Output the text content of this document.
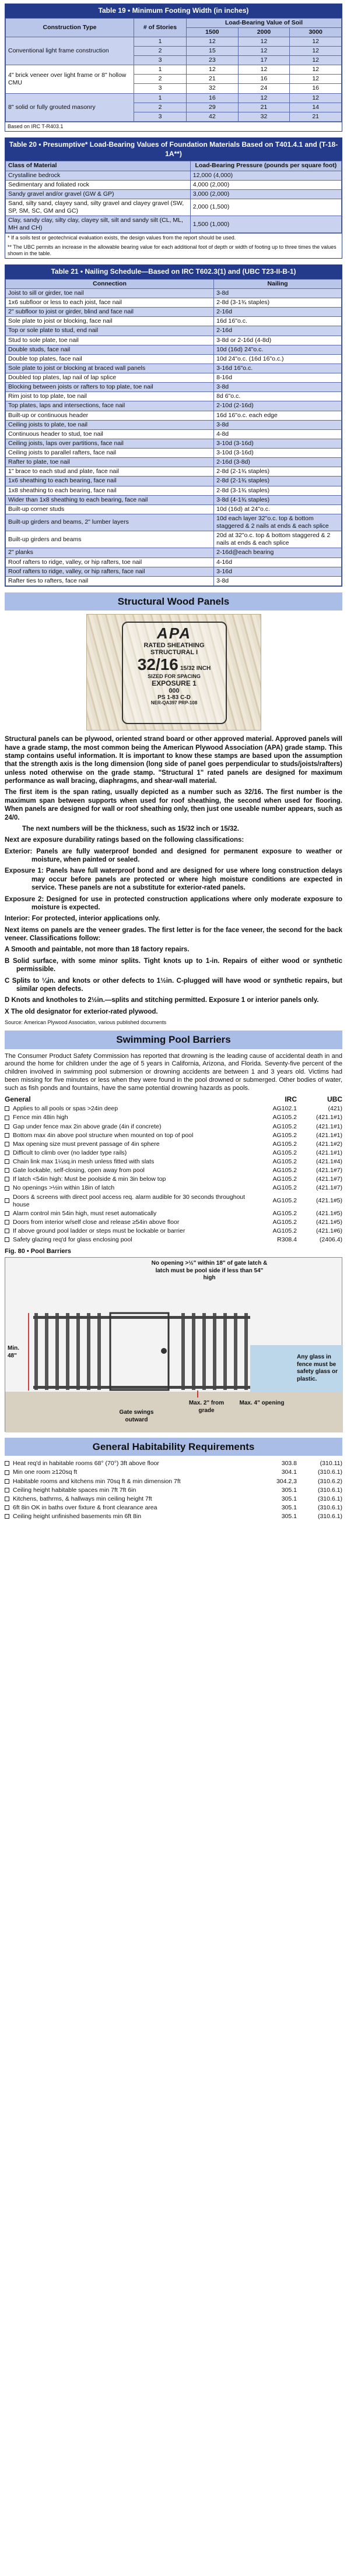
Table 19 • Minimum Footing Width (in inches)
Construction Type	# of Stories	Load-Bearing Value of Soil		
		1500	2000	3000
Conventional light frame construction	1	12	12	12
	2	15	12	12
	3	23	17	12
4" brick veneer over light frame or 8" hollow CMU	1	12	12	12
	2	21	16	12
	3	32	24	16
8" solid or fully grouted masonry	1	16	12	12
	2	29	21	14
	3	42	32	21
Based on IRC T-R403.1
Table 20 • Presumptive* Load-Bearing Values of Foundation Materials Based on T401.4.1 and (T-18-1A**)
Class of Material	Load-Bearing Pressure (pounds per square foot)
Crystalline bedrock	12,000 (4,000)
Sedimentary and foliated rock	4,000 (2,000)
Sandy gravel and/or gravel (GW & GP)	3,000 (2,000)
Sand, silty sand, clayey sand, silty gravel and clayey gravel (SW, SP, SM, SC, GM and GC)	2,000 (1,500)
Clay, sandy clay, silty clay, clayey silt, silt and sandy silt (CL, ML, MH and CH)	1,500 (1,000)
* If a soils test or geotechnical evaluation exists, the design values from the report should be used.
** The UBC permits an increase in the allowable bearing value for each additional foot of depth or width of footing up to three times the values shown in the table.
Table 21 • Nailing Schedule—Based on IRC T602.3(1) and (UBC T23-II-B-1)
Connection	Nailing
Joist to sill or girder, toe nail	3-8d
1x6 subfloor or less to each joist, face nail	2-8d (3-1¾ staples)
2" subfloor to joist or girder, blind and face nail	2-16d
Sole plate to joist or blocking, face nail	16d 16"o.c.
Top or sole plate to stud, end nail	2-16d
Stud to sole plate, toe nail	3-8d or 2-16d (4-8d)
Double studs, face nail	10d (16d) 24"o.c.
Double top plates, face nail	10d 24"o.c. (16d 16"o.c.)
Sole plate to joist or blocking at braced wall panels	3-16d 16"o.c.
Doubled top plates, lap nail of lap splice	8-16d
Blocking between joists or rafters to top plate, toe nail	3-8d
Rim joist to top plate, toe nail	8d 6"o.c.
Top plates, laps and intersections, face nail	2-10d (2-16d)
Built-up or continuous header	16d 16"o.c. each edge
Ceiling joists to plate, toe nail	3-8d
Continuous header to stud, toe nail	4-8d
Ceiling joists, laps over partitions, face nail	3-10d (3-16d)
Ceiling joists to parallel rafters, face nail	3-10d (3-16d)
Rafter to plate, toe nail	2-16d (3-8d)
1" brace to each stud and plate, face nail	2-8d (2-1¾ staples)
1x6 sheathing to each bearing, face nail	2-8d (2-1¾ staples)
1x8 sheathing to each bearing, face nail	2-8d (3-1¾ staples)
Wider than 1x8 sheathing to each bearing, face nail	3-8d (4-1¾ staples)
Built-up corner studs	10d (16d) at 24"o.c.
Built-up girders and beams, 2" lumber layers	10d each layer 32"o.c. top & bottom staggered & 2 nails at ends & each splice
Built-up girders and beams	20d at 32"o.c. top & bottom staggered & 2 nails at ends & each splice
2" planks	2-16d@each bearing
Roof rafters to ridge, valley, or hip rafters, toe nail	4-16d
Roof rafters to ridge, valley, or hip rafters, face nail	3-16d
Rafter ties to rafters, face nail	3-8d
Structural Wood Panels
APA
RATED SHEATHING
STRUCTURAL I
32/16 15/32 INCH
SIZED FOR SPACING
EXPOSURE 1
000
PS 1-83 C-D
NER-QA397 PRP-108

Structural panels can be plywood, oriented strand board or other approved material. Approved panels will have a grade stamp, the most common being the American Plywood Association (APA) grade stamp. This stamp contains useful information. It is important to know these stamps are based upon the assumption that the strength axis is the long dimension (long side of panel goes perpendicular to studs/joists/rafters) unless noted otherwise on the grade stamp. "Structural 1" rated panels are designed for maximum performance as wall bracing, diaphragms, and shear-wall material.

The first item is the span rating, usually depicted as a number such as 32/16. The first number is the maximum span between supports when used for roof sheathing, the second when used for flooring. When panels are designed for wall or roof sheathing only, then just one useable number appears, such as 24/0.

The next numbers will be the thickness, such as 15/32 inch or 15/32.

Next are exposure durability ratings based on the following classifications:

Exterior: Panels are fully waterproof bonded and designed for permanent exposure to weather or moisture, when painted or sealed.

Exposure 1: Panels have full waterproof bond and are designed for use where long construction delays may occur before panels are protected or where high moisture conditions are expected in service. These panels are not a substitute for exterior-rated panels.

Exposure 2: Designed for use in protected construction applications where only moderate exposure to moisture is expected.

Interior: For protected, interior applications only.

Next items on panels are the veneer grades. The first letter is for the face veneer, the second for the back veneer. Classifications follow:

A Smooth and paintable, not more than 18 factory repairs.

B Solid surface, with some minor splits. Tight knots up to 1-in. Repairs of either wood or synthetic permissible.

C Splits to ¼in. and knots or other defects to 1½in. C-plugged will have wood or synthetic repairs, but similar open defects.

D Knots and knotholes to 2½in.—splits and stitching permitted. Exposure 1 or interior panels only.

X The old designator for exterior-rated plywood.

Source: American Plywood Association, various published documents
Swimming Pool Barriers

The Consumer Product Safety Commission has reported that drowning is the leading cause of accidental death in and around the home for children under the age of 5 years in California, Arizona, and Florida. Seventy-five percent of the children involved in swimming pool submersion or drowning accidents are between 1 and 3 years old. Victims had been missing for five minutes or less when they were found in the pool drowned or submerged. Other bodies of water, such as fish ponds and fountains, have the same potential drowning hazards as pools.

General		IRC	UBC
	Applies to all pools or spas >24in deep	AG102.1	(421)
	Fence min 48in high	AG105.2	(421.1#1)
	Gap under fence max 2in above grade (4in if concrete)	AG105.2	(421.1#1)
	Bottom max 4in above pool structure when mounted on top of pool	AG105.2	(421.1#1)
	Max opening size must prevent passage of 4in sphere	AG105.2	(421.1#2)
	Difficult to climb over (no ladder type rails)	AG105.2	(421.1#1)
	Chain link max 1¼sq.in mesh unless fitted with slats	AG105.2	(421.1#4)
	Gate lockable, self-closing, open away from pool	AG105.2	(421.1#7)
	If latch <54in high: Must be poolside & min 3in below top	AG105.2	(421.1#7)
	No openings >½in within 18in of latch	AG105.2	(421.1#7)
	Doors & screens with direct pool access req. alarm audible for 30 seconds throughout house	AG105.2	(421.1#5)
	Alarm control min 54in high, must reset automatically	AG105.2	(421.1#5)
	Doors from interior w/self close and release ≥54in above floor	AG105.2	(421.1#5)
	If above ground pool ladder or steps must be lockable or barrier	AG105.2	(421.1#6)
	Safety glazing req'd for glass enclosing pool	R308.4	(2406.4)
Fig. 80 • Pool Barriers
No opening >½" within 18" of gate latch & latch must be pool side if less than 54" high
Min. 48"
Max. 2" from grade
Gate swings outward
Max. 4" opening
Any glass in fence must be safety glass or plastic.
General Habitability Requirements
	Heat req'd in habitable rooms 68° (70°) 3ft above floor	303.8	(310.11)
	Min one room ≥120sq ft	304.1	(310.6.1)
	Habitable rooms and kitchens min 70sq ft & min dimension 7ft	304.2,3	(310.6.2)
	Ceiling height habitable spaces min 7ft 7ft 6in	305.1	(310.6.1)
	Kitchens, bathrms, & hallways min ceiling height 7ft	305.1	(310.6.1)
	6ft 8in OK in baths over fixture & front clearance area	305.1	(310.6.1)
	Ceiling height unfinished basements min 6ft 8in	305.1	(310.6.1)
